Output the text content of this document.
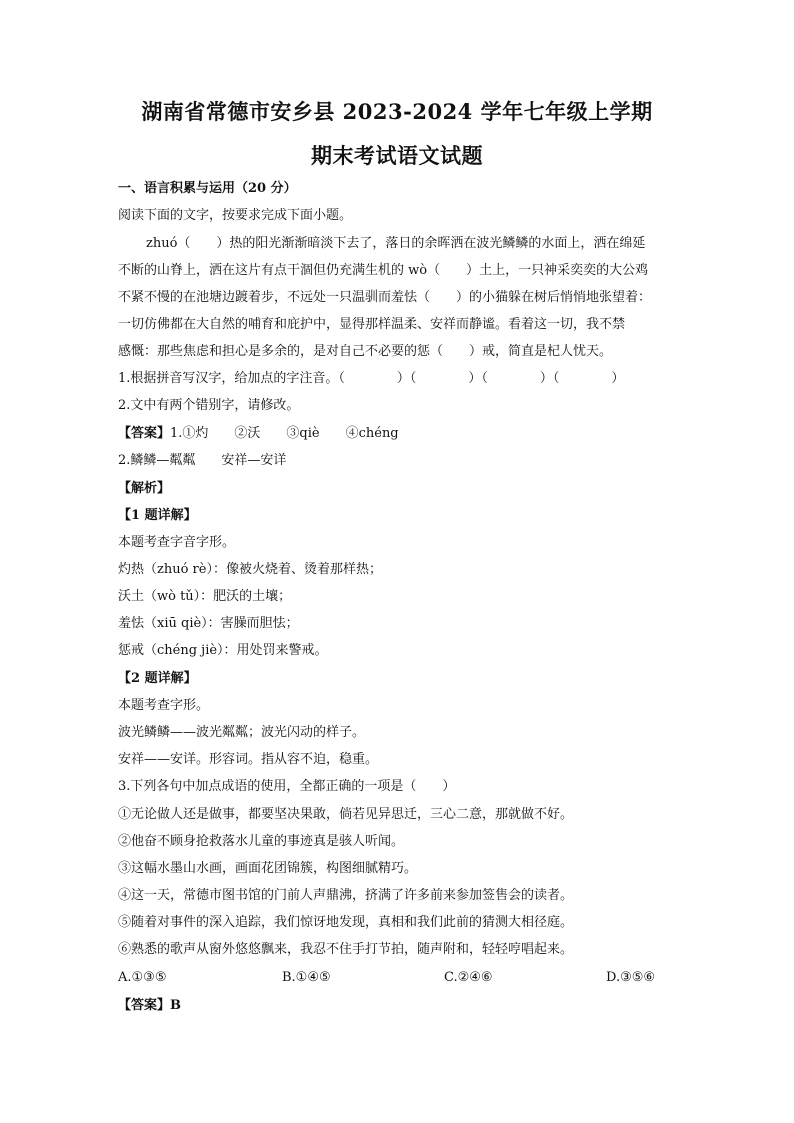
湖南省常德市安乡县 2023-2024 学年七年级上学期
期末考试语文试题
一、语言积累与运用（20 分）
阅读下面的文字，按要求完成下面小题。
zhuó（　　）热的阳光渐渐暗淡下去了，落日的余晖洒在波光鳞鳞的水面上，洒在绵延
不断的山脊上，洒在这片有点干涸但仍充满生机的 wò（　　）土上，一只神采奕奕的大公鸡
不紧不慢的在池塘边踱着步，不远处一只温驯而羞怯（　　）的小猫躲在树后悄悄地张望着：
一切仿佛都在大自然的哺育和庇护中，显得那样温柔、安祥而静谧。看着这一切，我不禁
感慨：那些焦虑和担心是多余的，是对自己不必要的惩（　　）戒，简直是杞人忧天。
1.根据拼音写汉字，给加点的字注音。（　　　　）（　　　　）（　　　　）（　　　　）
2.文中有两个错别字，请修改。
【答案】1.①灼　　②沃　　③qiè　　④chéng
2.鳞鳞—粼粼　　安祥—安详
【解析】
【1 题详解】
本题考查字音字形。
灼热（zhuó rè）：像被火烧着、烫着那样热；
沃土（wò tǔ）：肥沃的土壤；
羞怯（xiū qiè）：害臊而胆怯；
惩戒（chéng jiè）：用处罚来警戒。
【2 题详解】
本题考查字形。
波光鳞鳞——波光粼粼；波光闪动的样子。
安祥——安详。形容词。指从容不迫，稳重。
3.下列各句中加点成语的使用，全都正确的一项是（　　）
①无论做人还是做事，都要坚决果敢，倘若见异思迁，三心二意，那就做不好。
②他奋不顾身抢救落水儿童的事迹真是骇人听闻。
③这幅水墨山水画，画面花团锦簇，构图细腻精巧。
④这一天，常德市图书馆的门前人声鼎沸，挤满了许多前来参加签售会的读者。
⑤随着对事件的深入追踪，我们惊讶地发现，真相和我们此前的猜测大相径庭。
⑥熟悉的歌声从窗外悠悠飘来，我忍不住手打节拍，随声附和，轻轻哼唱起来。
A.①③⑤	B.①④⑤	C.②④⑥	D.③⑤⑥
【答案】B
